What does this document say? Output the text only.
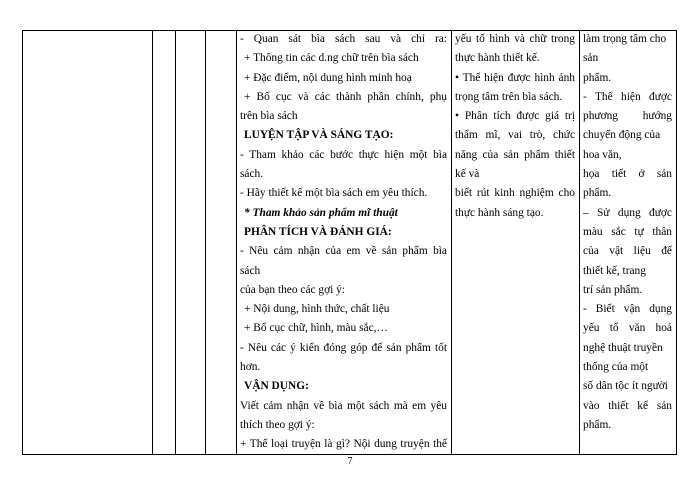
- Quan sát bìa sách sau và chỉ ra:

+ Thông tin các d.ng chữ trên bìa sách

+ Đặc điểm, nội dung hình minh hoạ

+ Bố cục và các thành phần chính, phụ

trên bìa sách

LUYỆN TẬP VÀ SÁNG TẠO:

- Tham khảo các bước thực hiện một bìa

sách.

- Hãy thiết kế một bìa sách em yêu thích.

* Tham khảo sản phẩm mĩ thuật

PHÂN TÍCH VÀ ĐÁNH GIÁ:

- Nêu cảm nhận của em về sản phẩm bìa sách

của bạn theo các gợi ý:

+ Nội dung, hình thức, chất liệu

+ Bố cục chữ, hình, màu sắc,…

- Nêu các ý kiến đóng góp để sản phẩm tốt

hơn.

VẬN DỤNG:

Viết cảm nhận về bìa một sách mà em yêu

thích theo gợi ý:

+ Thể loại truyện là gì? Nội dung truyện thế

yếu tố hình và chữ trong

thực hành thiết kế.

• Thể hiện được hình ảnh

trọng tâm trên bìa sách.

• Phân tích được giá trị

thẩm mĩ, vai trò, chức

năng của sản phẩm thiết

kế và

biết rút kinh nghiệm cho

thực hành sáng tạo.

làm trọng tâm cho

sản

phẩm.

- Thể hiện được

phương hướng

chuyển động của

hoa văn,

họa tiết ở sản

phẩm.

– Sử dụng được

màu sắc tự thân

của vật liệu để

thiết kế, trang

trí sản phẩm.

- Biết vận dụng

yếu tố văn hoá

nghệ thuật truyền

thống của một

số dân tộc ít người

vào thiết kế sản

phẩm.

7
